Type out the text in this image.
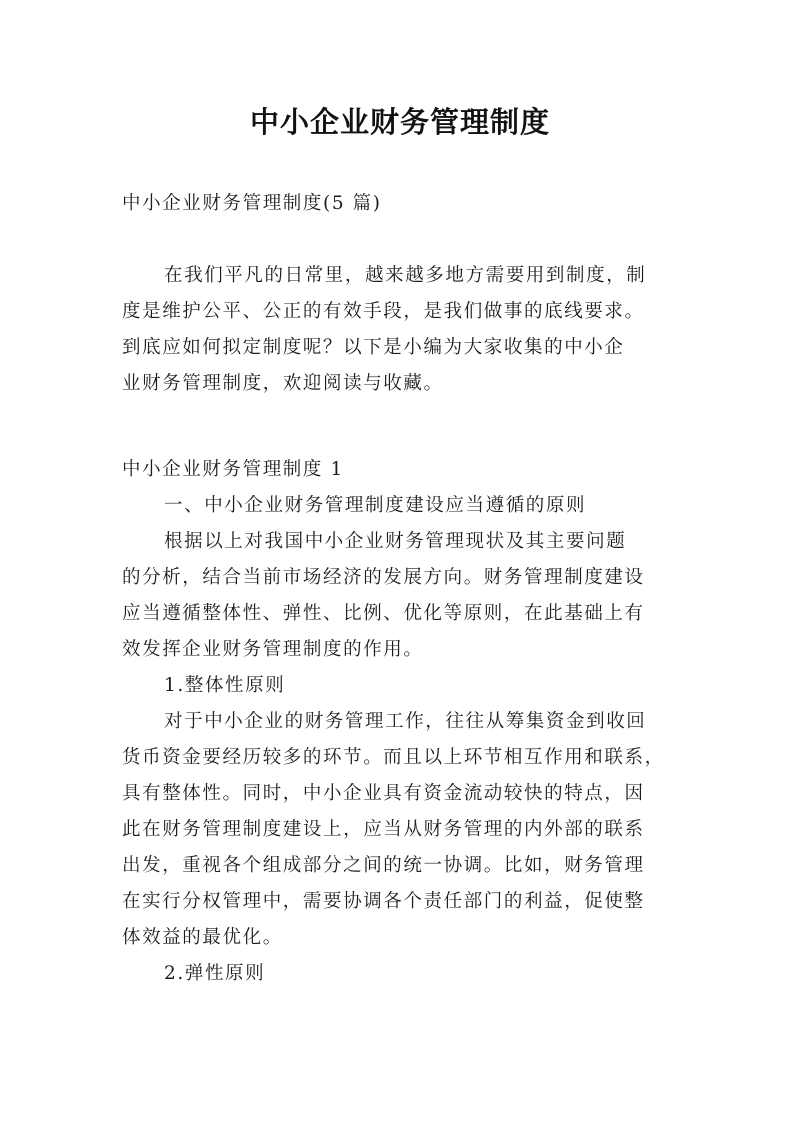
中小企业财务管理制度
中小企业财务管理制度(5 篇)
在我们平凡的日常里，越来越多地方需要用到制度，制
度是维护公平、公正的有效手段，是我们做事的底线要求。
到底应如何拟定制度呢？以下是小编为大家收集的中小企
业财务管理制度，欢迎阅读与收藏。
中小企业财务管理制度 1
一、中小企业财务管理制度建设应当遵循的原则
根据以上对我国中小企业财务管理现状及其主要问题
的分析，结合当前市场经济的发展方向。财务管理制度建设
应当遵循整体性、弹性、比例、优化等原则，在此基础上有
效发挥企业财务管理制度的作用。
1.整体性原则
对于中小企业的财务管理工作，往往从筹集资金到收回
货币资金要经历较多的环节。而且以上环节相互作用和联系，
具有整体性。同时，中小企业具有资金流动较快的特点，因
此在财务管理制度建设上，应当从财务管理的内外部的联系
出发，重视各个组成部分之间的统一协调。比如，财务管理
在实行分权管理中，需要协调各个责任部门的利益，促使整
体效益的最优化。
2.弹性原则
